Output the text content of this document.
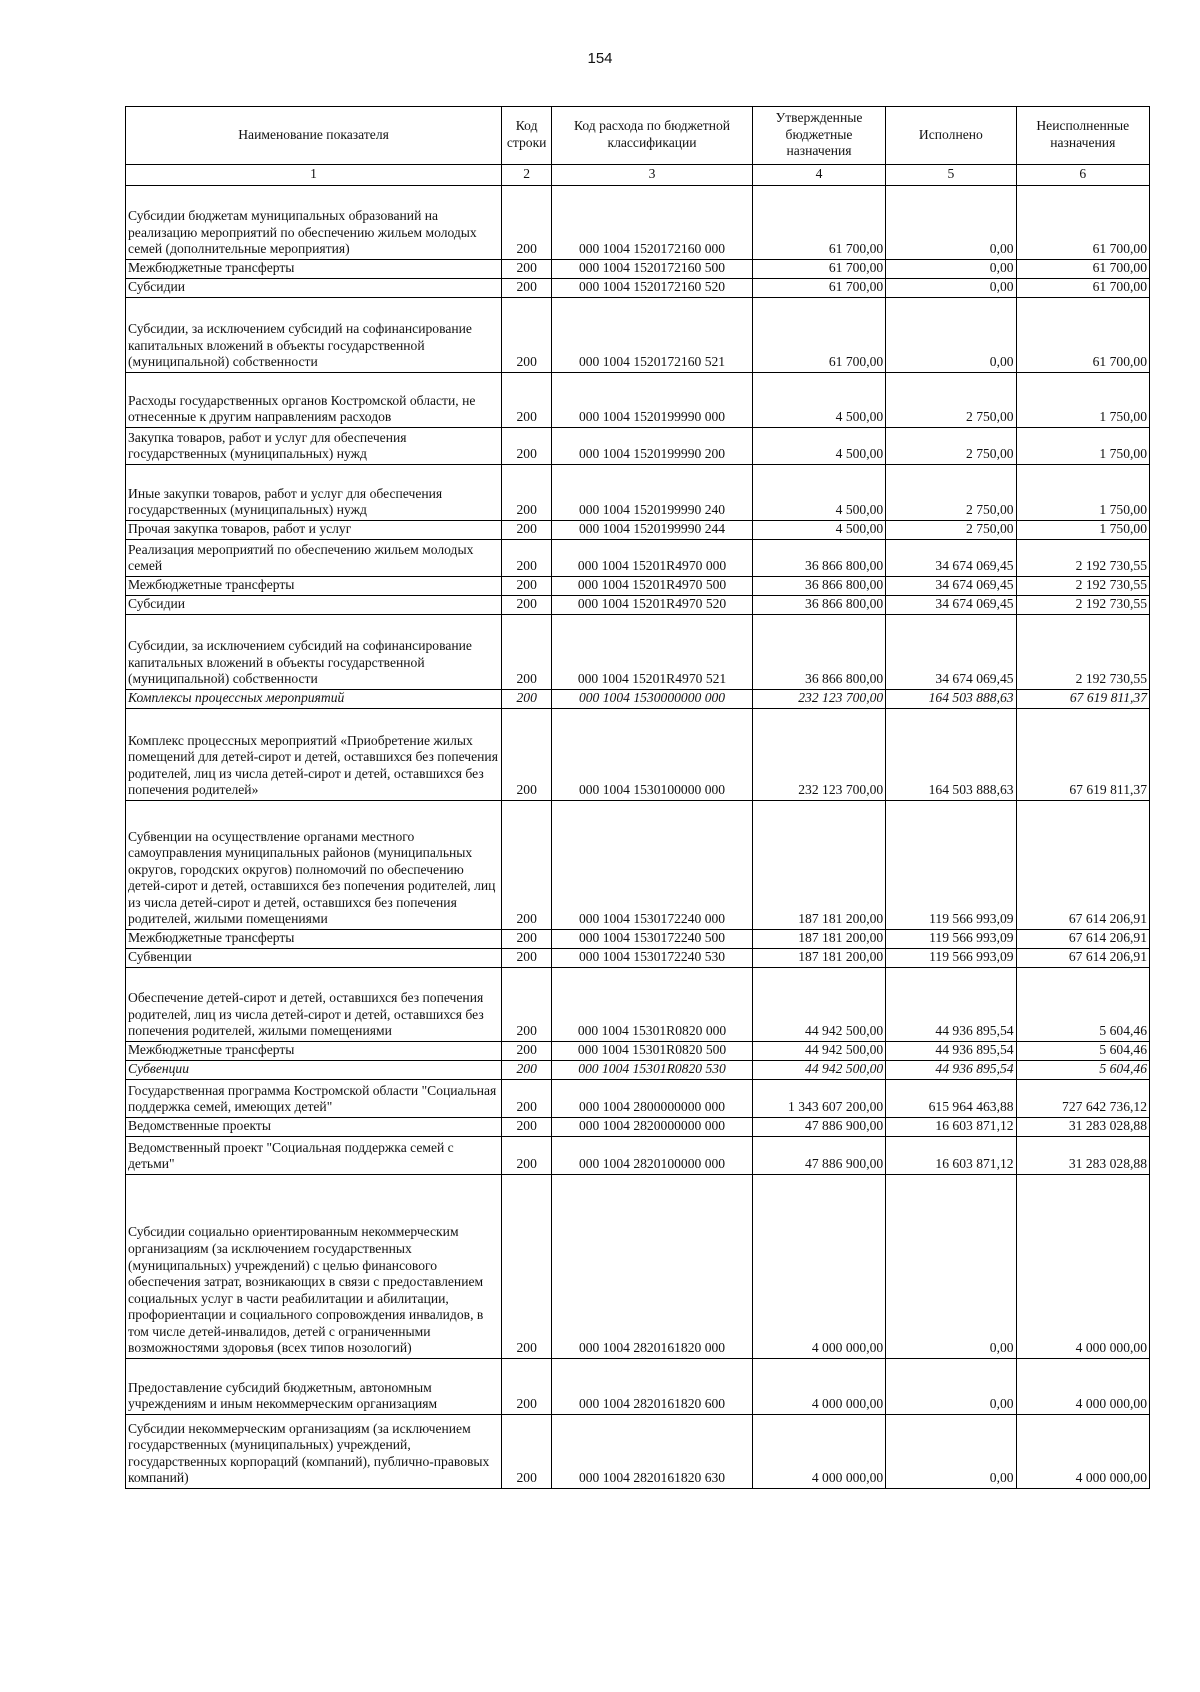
154
Наименование показателя	Код строки	Код расхода по бюджетной классификации	Утвержденные бюджетные назначения	Исполнено	Неисполненные назначения
1	2	3	4	5	6
Субсидии бюджетам муниципальных образований на реализацию мероприятий по обеспечению жильем молодых семей (дополнительные мероприятия)	200	000 1004 1520172160 000	61 700,00	0,00	61 700,00
Межбюджетные трансферты	200	000 1004 1520172160 500	61 700,00	0,00	61 700,00
Субсидии	200	000 1004 1520172160 520	61 700,00	0,00	61 700,00
Субсидии, за исключением субсидий на софинансирование капитальных вложений в объекты государственной (муниципальной) собственности	200	000 1004 1520172160 521	61 700,00	0,00	61 700,00
Расходы государственных органов Костромской области, не отнесенные к другим направлениям расходов	200	000 1004 1520199990 000	4 500,00	2 750,00	1 750,00
Закупка товаров, работ и услуг для обеспечения государственных (муниципальных) нужд	200	000 1004 1520199990 200	4 500,00	2 750,00	1 750,00
Иные закупки товаров, работ и услуг для обеспечения государственных (муниципальных) нужд	200	000 1004 1520199990 240	4 500,00	2 750,00	1 750,00
Прочая закупка товаров, работ и услуг	200	000 1004 1520199990 244	4 500,00	2 750,00	1 750,00
Реализация мероприятий по обеспечению жильем молодых семей	200	000 1004 15201R4970 000	36 866 800,00	34 674 069,45	2 192 730,55
Межбюджетные трансферты	200	000 1004 15201R4970 500	36 866 800,00	34 674 069,45	2 192 730,55
Субсидии	200	000 1004 15201R4970 520	36 866 800,00	34 674 069,45	2 192 730,55
Субсидии, за исключением субсидий на софинансирование капитальных вложений в объекты государственной (муниципальной) собственности	200	000 1004 15201R4970 521	36 866 800,00	34 674 069,45	2 192 730,55
Комплексы процессных мероприятий	200	000 1004 1530000000 000	232 123 700,00	164 503 888,63	67 619 811,37
Комплекс процессных мероприятий «Приобретение жилых помещений для детей-сирот и детей, оставшихся без попечения родителей, лиц из числа детей-сирот и детей, оставшихся без попечения родителей»	200	000 1004 1530100000 000	232 123 700,00	164 503 888,63	67 619 811,37
Субвенции на осуществление органами местного самоуправления муниципальных районов (муниципальных округов, городских округов) полномочий по обеспечению детей-сирот и детей, оставшихся без попечения родителей, лиц из числа детей-сирот и детей, оставшихся без попечения родителей, жилыми помещениями	200	000 1004 1530172240 000	187 181 200,00	119 566 993,09	67 614 206,91
Межбюджетные трансферты	200	000 1004 1530172240 500	187 181 200,00	119 566 993,09	67 614 206,91
Субвенции	200	000 1004 1530172240 530	187 181 200,00	119 566 993,09	67 614 206,91
Обеспечение детей-сирот и детей, оставшихся без попечения родителей, лиц из числа детей-сирот и детей, оставшихся без попечения родителей, жилыми помещениями	200	000 1004 15301R0820 000	44 942 500,00	44 936 895,54	5 604,46
Межбюджетные трансферты	200	000 1004 15301R0820 500	44 942 500,00	44 936 895,54	5 604,46
Субвенции	200	000 1004 15301R0820 530	44 942 500,00	44 936 895,54	5 604,46
Государственная программа Костромской области "Социальная поддержка семей, имеющих детей"	200	000 1004 2800000000 000	1 343 607 200,00	615 964 463,88	727 642 736,12
Ведомственные проекты	200	000 1004 2820000000 000	47 886 900,00	16 603 871,12	31 283 028,88
Ведомственный проект "Социальная поддержка семей с детьми"	200	000 1004 2820100000 000	47 886 900,00	16 603 871,12	31 283 028,88
Субсидии социально ориентированным некоммерческим организациям (за исключением государственных (муниципальных) учреждений) с целью финансового обеспечения затрат, возникающих в связи с предоставлением социальных услуг в части реабилитации и абилитации, профориентации и социального сопровождения инвалидов, в том числе детей-инвалидов, детей с ограниченными возможностями здоровья (всех типов нозологий)	200	000 1004 2820161820 000	4 000 000,00	0,00	4 000 000,00
Предоставление субсидий бюджетным, автономным учреждениям и иным некоммерческим организациям	200	000 1004 2820161820 600	4 000 000,00	0,00	4 000 000,00
Субсидии некоммерческим организациям (за исключением государственных (муниципальных) учреждений, государственных корпораций (компаний), публично-правовых компаний)	200	000 1004 2820161820 630	4 000 000,00	0,00	4 000 000,00
